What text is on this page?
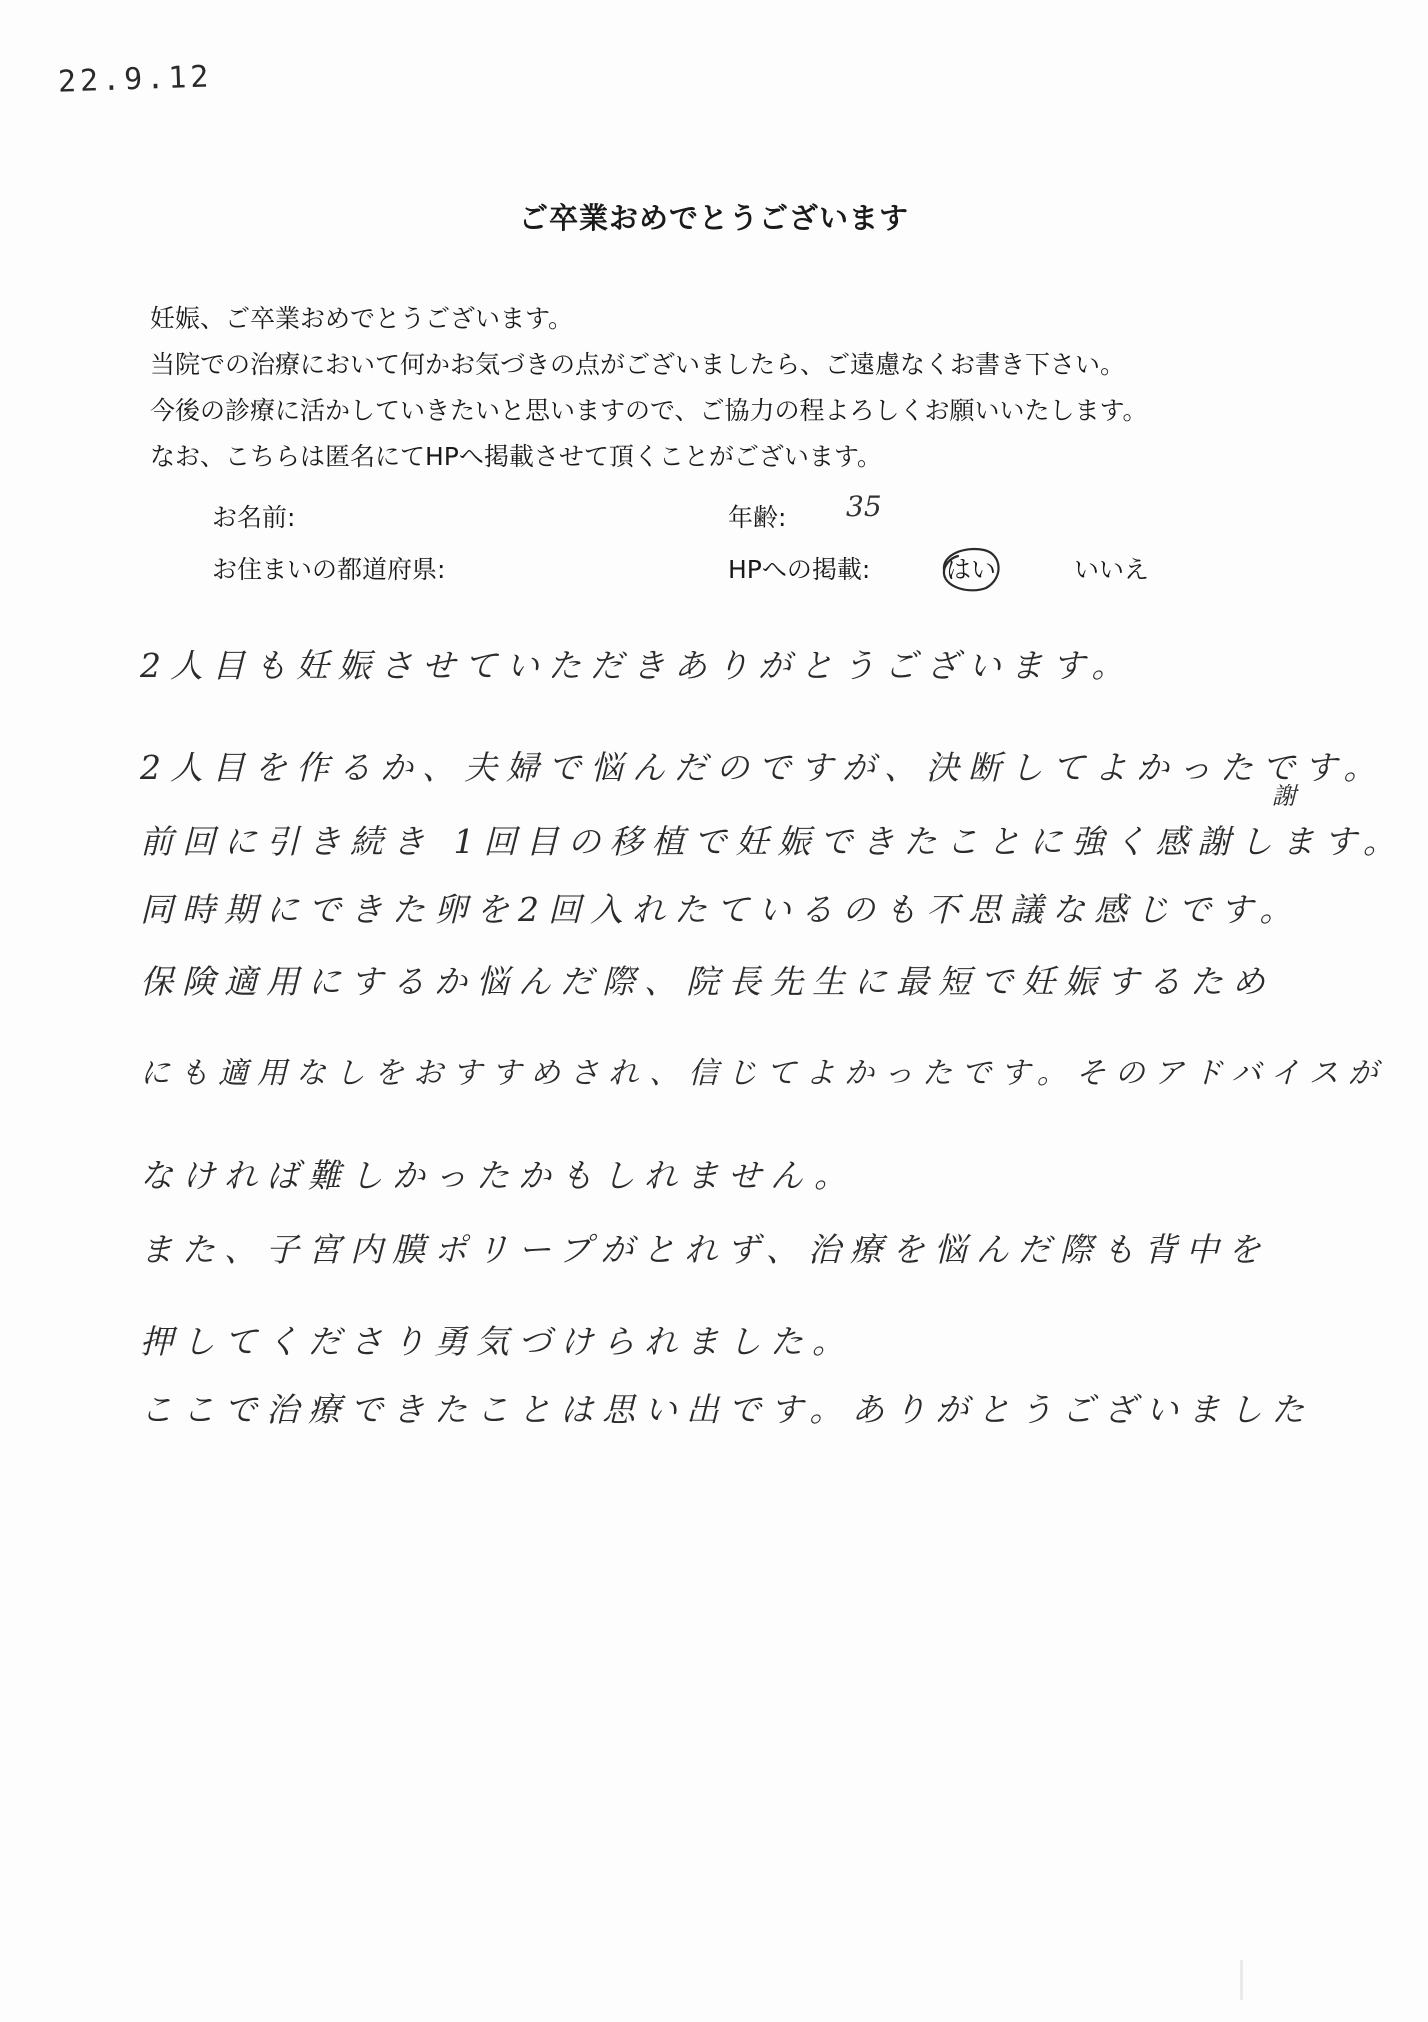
22.9.12
ご卒業おめでとうございます
妊娠、ご卒業おめでとうございます。
当院での治療において何かお気づきの点がございましたら、ご遠慮なくお書き下さい。
今後の診療に活かしていきたいと思いますので、ご協力の程よろしくお願いいたします。
なお、こちらは匿名にてHPへ掲載させて頂くことがございます。
お名前:	年齢: 35
お住まいの都道府県:	HPへの掲載:	はい	いいえ
2人目も妊娠させていただきありがとうございます。
2人目を作るか、夫婦で悩んだのですが、決断してよかったです。
前回に引き続き 1回目の移植で妊娠できたことに強く感謝します。
謝
同時期にできた卵を2回入れたているのも不思議な感じです。
保険適用にするか悩んだ際、院長先生に最短で妊娠するため
にも適用なしをおすすめされ、信じてよかったです。そのアドバイスが
なければ難しかったかもしれません。
また、子宮内膜ポリープがとれず、治療を悩んだ際も背中を
押してくださり勇気づけられました。
ここで治療できたことは思い出です。ありがとうございました
